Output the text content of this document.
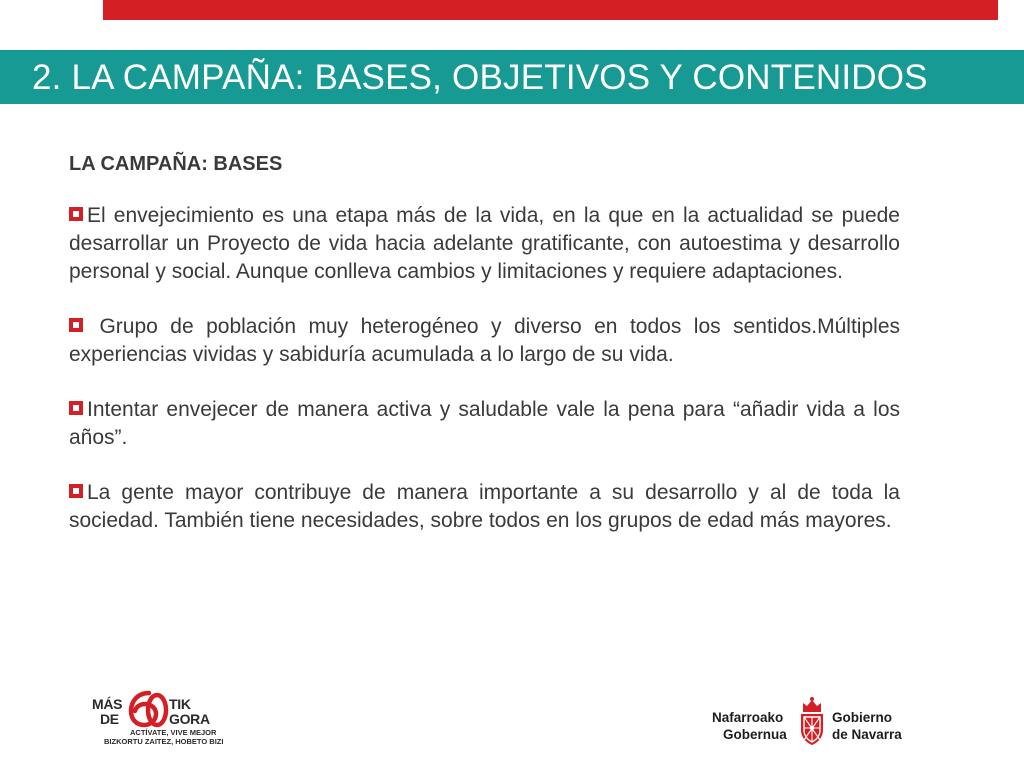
2. LA CAMPAÑA: BASES, OBJETIVOS Y CONTENIDOS
LA CAMPAÑA: BASES

El envejecimiento es una etapa más de la vida, en la que en la actualidad se puede desarrollar un Proyecto de vida hacia adelante gratificante, con autoestima y desarrollo personal y social. Aunque conlleva cambios y limitaciones y requiere adaptaciones.

Grupo de población muy heterogéneo y diverso en todos los sentidos.Múltiples experiencias vividas y sabiduría acumulada a lo largo de su vida.

Intentar envejecer de manera activa y saludable vale la pena para “añadir vida a los años”.

La gente mayor contribuye de manera importante a su desarrollo y al de toda la sociedad. También tiene necesidades, sobre todos en los grupos de edad más mayores.

MÁS
DE
TIK
GORA
ACTÍVATE, VIVE MEJOR
BIZKORTU ZAITEZ, HOBETO BIZI
Nafarroako
Gobernua
Gobierno
de Navarra
